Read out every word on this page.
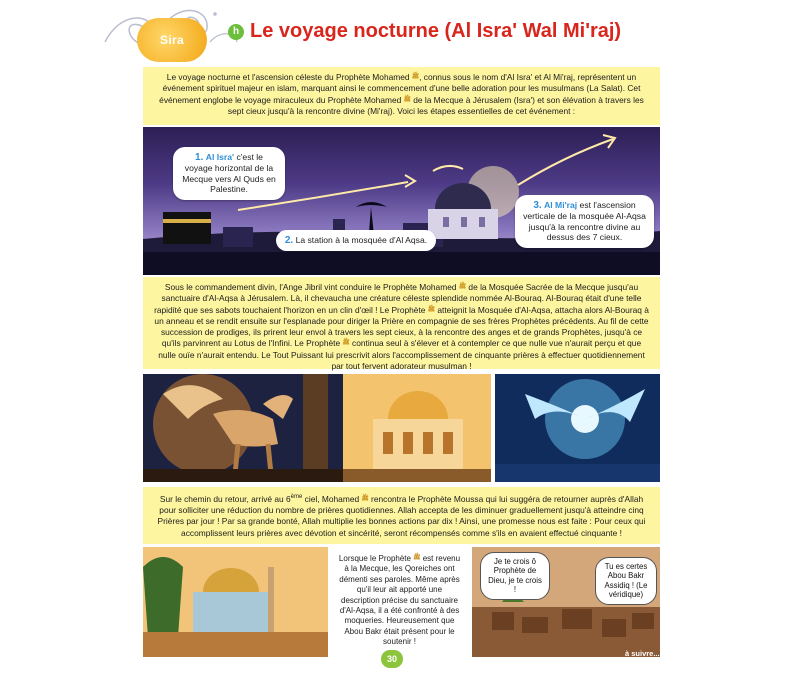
Sira
h Le voyage nocturne (Al Isra' Wal Mi'raj)

Le voyage nocturne et l'ascension céleste du Prophète Mohamed $^ﷺ$, connus sous le nom d'Al Isra' et Al Mi'raj, représentent un événement spirituel majeur en islam, marquant ainsi le commencement d'une belle adoration pour les musulmans (La Salat). Cet événement englobe le voyage miraculeux du Prophète Mohamed $^ﷺ$ de la Mecque à Jérusalem (Isra') et son élévation à travers les sept cieux jusqu'à la rencontre divine (Mi'raj). Voici les étapes essentielles de cet événement :

1. Al Isra' c'est le voyage horizontal de la Mecque vers Al Quds en Palestine.
2. La station à la mosquée d'Al Aqsa.
3. Al Mi'raj est l'ascension verticale de la mosquée Al-Aqsa jusqu'à la rencontre divine au dessus des 7 cieux.

Sous le commandement divin, l'Ange Jibril vint conduire le Prophète Mohamed $^ﷺ$ de la Mosquée Sacrée de la Mecque jusqu'au sanctuaire d'Al-Aqsa à Jérusalem. Là, il chevaucha une créature céleste splendide nommée Al-Bouraq. Al-Bouraq était d'une telle rapidité que ses sabots touchaient l'horizon en un clin d'œil ! Le Prophète $^ﷺ$ atteignit la Mosquée d'Al-Aqsa, attacha alors Al-Bouraq à un anneau et se rendit ensuite sur l'esplanade pour diriger la Prière en compagnie de ses frères Prophètes précédents. Au fil de cette succession de prodiges, ils prirent leur envol à travers les sept cieux, à la rencontre des anges et de grands Prophètes, jusqu'à ce qu'ils parvinrent au Lotus de l'Infini. Le Prophète $^ﷺ$ continua seul à s'élever et à contempler ce que nulle vue n'aurait perçu et que nulle ouïe n'aurait entendu. Le Tout Puissant lui prescrivit alors l'accomplissement de cinquante prières à effectuer quotidiennement par tout fervent adorateur musulman !

Sur le chemin du retour, arrivé au 6ème ciel, Mohamed $^ﷺ$ rencontra le Prophète Moussa qui lui suggéra de retourner auprès d'Allah pour solliciter une réduction du nombre de prières quotidiennes. Allah accepta de les diminuer graduellement jusqu'à atteindre cinq Prières par jour ! Par sa grande bonté, Allah multiplie les bonnes actions par dix ! Ainsi, une promesse nous est faite : Pour ceux qui accomplissent leurs prières avec dévotion et sincérité, seront récompensés comme s'ils en avaient effectué cinquante !

Lorsque le Prophète $^ﷺ$ est revenu à la Mecque, les Qoreiches ont démenti ses paroles. Même après qu'il leur ait apporté une description précise du sanctuaire d'Al-Aqsa, il a été confronté à des moqueries. Heureusement que Abou Bakr était présent pour le soutenir !
Je te crois ô Prophète de Dieu, je te crois !
Tu es certes Abou Bakr Assidiq ! (Le véridique)
à suivre...
30
